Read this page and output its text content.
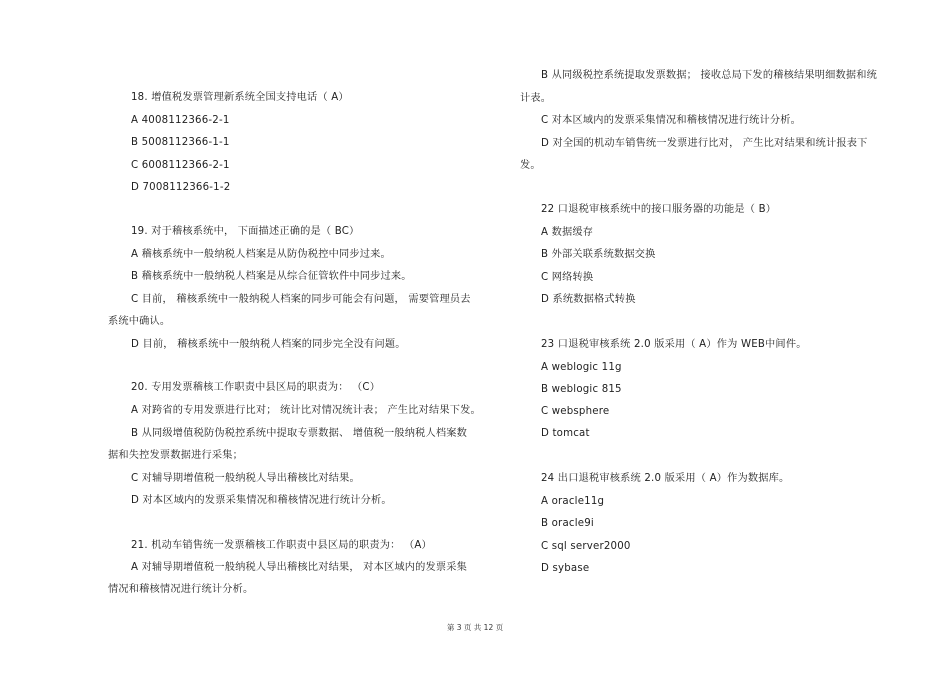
18. 增值税发票管理新系统全国支持电话（ A）
A 4008112366-2-1
B 5008112366-1-1
C 6008112366-2-1
D 7008112366-1-2
19. 对于稽核系统中， 下面描述正确的是（ BC）
A 稽核系统中一般纳税人档案是从防伪税控中同步过来。
B 稽核系统中一般纳税人档案是从综合征管软件中同步过来。
C 目前， 稽核系统中一般纳税人档案的同步可能会有问题， 需要管理员去
系统中确认。
D 目前， 稽核系统中一般纳税人档案的同步完全没有问题。
20. 专用发票稽核工作职责中县区局的职责为： （C）
A 对跨省的专用发票进行比对； 统计比对情况统计表； 产生比对结果下发。
B 从同级增值税防伪税控系统中提取专票数据、 增值税一般纳税人档案数
据和失控发票数据进行采集；
C 对辅导期增值税一般纳税人导出稽核比对结果。
D 对本区域内的发票采集情况和稽核情况进行统计分析。
21. 机动车销售统一发票稽核工作职责中县区局的职责为： （A）
A 对辅导期增值税一般纳税人导出稽核比对结果， 对本区域内的发票采集
情况和稽核情况进行统计分析。
B 从同级税控系统提取发票数据； 接收总局下发的稽核结果明细数据和统
计表。
C 对本区域内的发票采集情况和稽核情况进行统计分析。
D 对全国的机动车销售统一发票进行比对， 产生比对结果和统计报表下
发。
22 口退税审核系统中的接口服务器的功能是（ B）
A 数据缓存
B 外部关联系统数据交换
C 网络转换
D 系统数据格式转换
23 口退税审核系统 2.0 版采用（ A）作为 WEB中间件。
A weblogic 11g
B weblogic 815
C websphere
D tomcat
24 出口退税审核系统 2.0 版采用（ A）作为数据库。
A oracle11g
B oracle9i
C sql server2000
D sybase
第 3 页 共 12 页
